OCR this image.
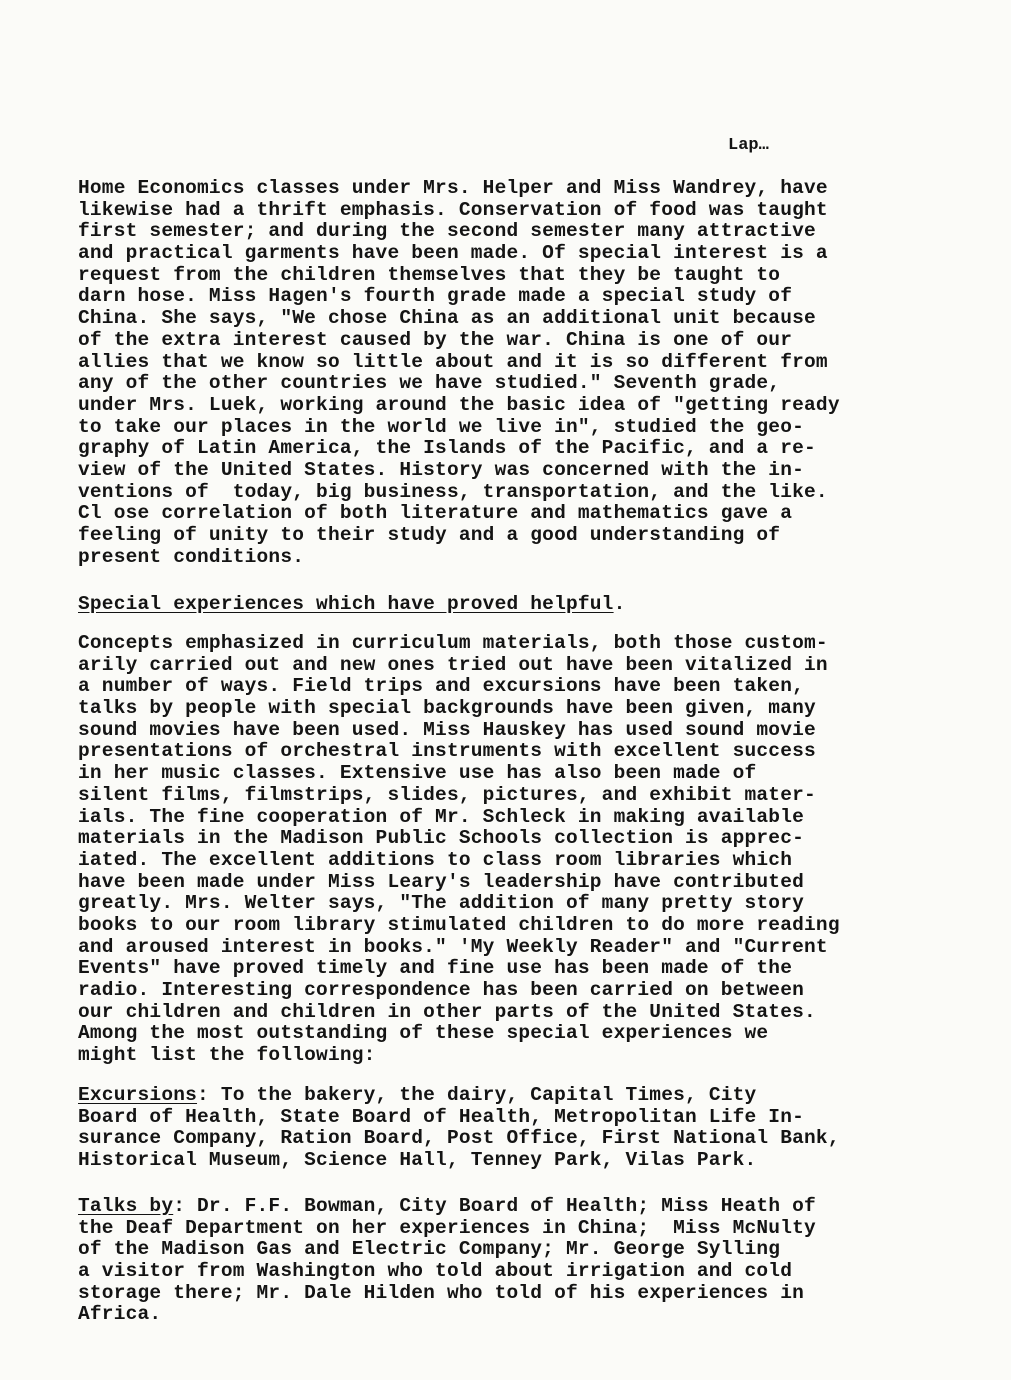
Lap…
Home Economics classes under Mrs. Helper and Miss Wandrey, have
likewise had a thrift emphasis. Conservation of food was taught
first semester; and during the second semester many attractive
and practical garments have been made. Of special interest is a
request from the children themselves that they be taught to
darn hose. Miss Hagen's fourth grade made a special study of
China. She says, "We chose China as an additional unit because
of the extra interest caused by the war. China is one of our
allies that we know so little about and it is so different from
any of the other countries we have studied." Seventh grade,
under Mrs. Luek, working around the basic idea of "getting ready
to take our places in the world we live in", studied the geo-
graphy of Latin America, the Islands of the Pacific, and a re-
view of the United States. History was concerned with the in-
ventions of  today, big business, transportation, and the like.
Cl ose correlation of both literature and mathematics gave a
feeling of unity to their study and a good understanding of
present conditions.
Special experiences which have proved helpful.
Concepts emphasized in curriculum materials, both those custom-
arily carried out and new ones tried out have been vitalized in
a number of ways. Field trips and excursions have been taken,
talks by people with special backgrounds have been given, many
sound movies have been used. Miss Hauskey has used sound movie
presentations of orchestral instruments with excellent success
in her music classes. Extensive use has also been made of
silent films, filmstrips, slides, pictures, and exhibit mater-
ials. The fine cooperation of Mr. Schleck in making available
materials in the Madison Public Schools collection is apprec-
iated. The excellent additions to class room libraries which
have been made under Miss Leary's leadership have contributed
greatly. Mrs. Welter says, "The addition of many pretty story
books to our room library stimulated children to do more reading
and aroused interest in books." 'My Weekly Reader" and "Current
Events" have proved timely and fine use has been made of the
radio. Interesting correspondence has been carried on between
our children and children in other parts of the United States.
Among the most outstanding of these special experiences we
might list the following:
Excursions: To the bakery, the dairy, Capital Times, City
Board of Health, State Board of Health, Metropolitan Life In-
surance Company, Ration Board, Post Office, First National Bank,
Historical Museum, Science Hall, Tenney Park, Vilas Park.
Talks by: Dr. F.F. Bowman, City Board of Health; Miss Heath of
the Deaf Department on her experiences in China;  Miss McNulty
of the Madison Gas and Electric Company; Mr. George Sylling
a visitor from Washington who told about irrigation and cold
storage there; Mr. Dale Hilden who told of his experiences in
Africa.
